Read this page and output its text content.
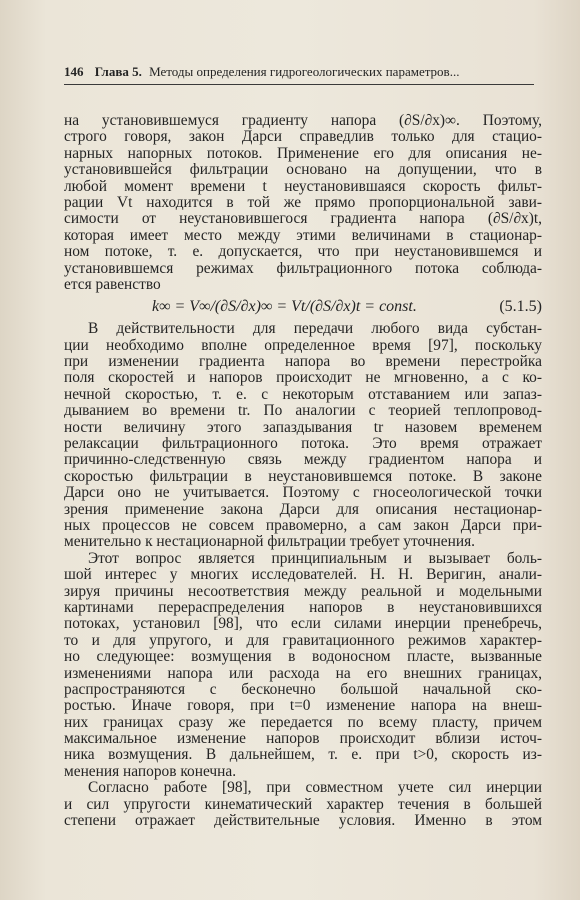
146 Глава 5. Методы определения гидрогеологических параметров...
на установившемуся градиенту напора (∂S/∂x)∞. Поэтому,
строго говоря, закон Дарси справедлив только для стацио-
нарных напорных потоков. Применение его для описания не-
установившейся фильтрации основано на допущении, что в
любой момент времени t неустановившаяся скорость фильт-
рации Vt находится в той же прямо пропорциональной зави-
симости от неустановившегося градиента напора (∂S/∂x)t,
которая имеет место между этими величинами в стационар-
ном потоке, т. е. допускается, что при неустановившемся и
установившемся режимах фильтрационного потока соблюда-
ется равенство
k∞ = V∞/(∂S/∂x)∞ = Vt/(∂S/∂x)t = const.	(5.1.5)
В действительности для передачи любого вида субстан-
ции необходимо вполне определенное время [97], поскольку
при изменении градиента напора во времени перестройка
поля скоростей и напоров происходит не мгновенно, а с ко-
нечной скоростью, т. е. с некоторым отставанием или запаз-
дыванием во времени tr. По аналогии с теорией теплопровод-
ности величину этого запаздывания tr назовем временем
релаксации фильтрационного потока. Это время отражает
причинно-следственную связь между градиентом напора и
скоростью фильтрации в неустановившемся потоке. В законе
Дарси оно не учитывается. Поэтому с гносеологической точки
зрения применение закона Дарси для описания нестационар-
ных процессов не совсем правомерно, а сам закон Дарси при-
менительно к нестационарной фильтрации требует уточнения.
Этот вопрос является принципиальным и вызывает боль-
шой интерес у многих исследователей. Н. Н. Веригин, анали-
зируя причины несоответствия между реальной и модельными
картинами перераспределения напоров в неустановившихся
потоках, установил [98], что если силами инерции пренебречь,
то и для упругого, и для гравитационного режимов характер-
но следующее: возмущения в водоносном пласте, вызванные
изменениями напора или расхода на его внешних границах,
распространяются с бесконечно большой начальной ско-
ростью. Иначе говоря, при t=0 изменение напора на внеш-
них границах сразу же передается по всему пласту, причем
максимальное изменение напоров происходит вблизи источ-
ника возмущения. В дальнейшем, т. е. при t>0, скорость из-
менения напоров конечна.
Согласно работе [98], при совместном учете сил инерции
и сил упругости кинематический характер течения в большей
степени отражает действительные условия. Именно в этом
